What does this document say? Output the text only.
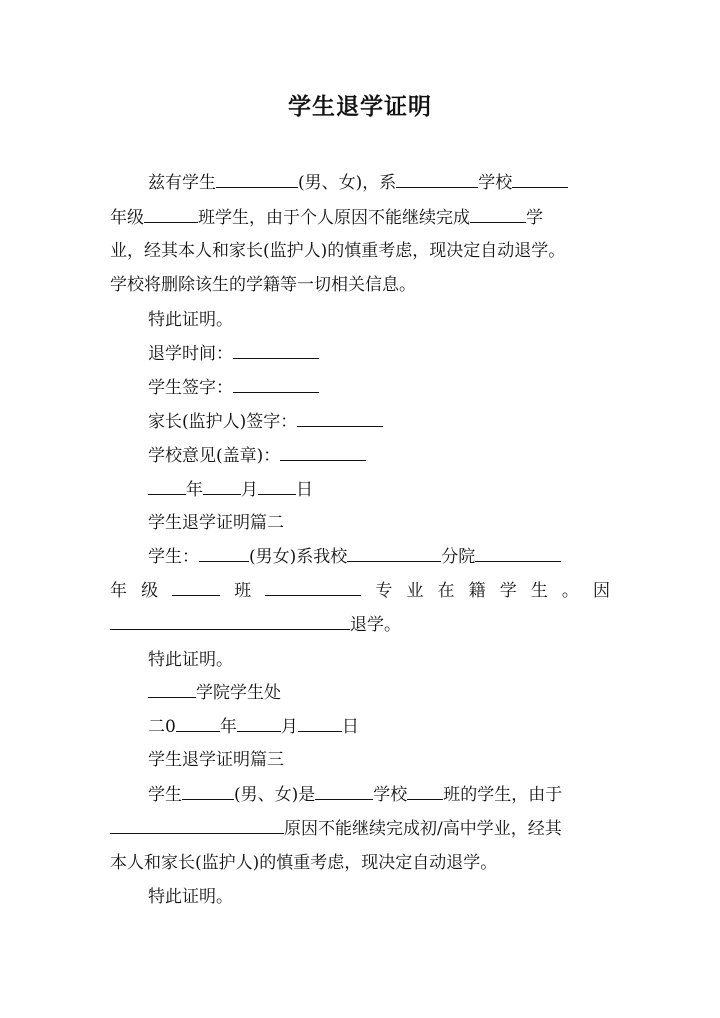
学生退学证明
兹有学生	(男、女)，系	学校
年级	班学生，由于个人原因不能继续完成	学
业，经其本人和家长(监护人)的慎重考虑，现决定自动退学。
学校将删除该生的学籍等一切相关信息。
特此证明。
退学时间：
学生签字：
家长(监护人)签字：
学校意见(盖章)：
年 月 日
学生退学证明篇二
学生：	(男女)系我校	分院
年 级	班	专 业 在 籍 学 生 。 因
退学。
特此证明。
学院学生处
二0	年	月	日
学生退学证明篇三
学生	(男、女)是	学校 班的学生，由于
原因不能继续完成初/高中学业，经其
本人和家长(监护人)的慎重考虑，现决定自动退学。
特此证明。
